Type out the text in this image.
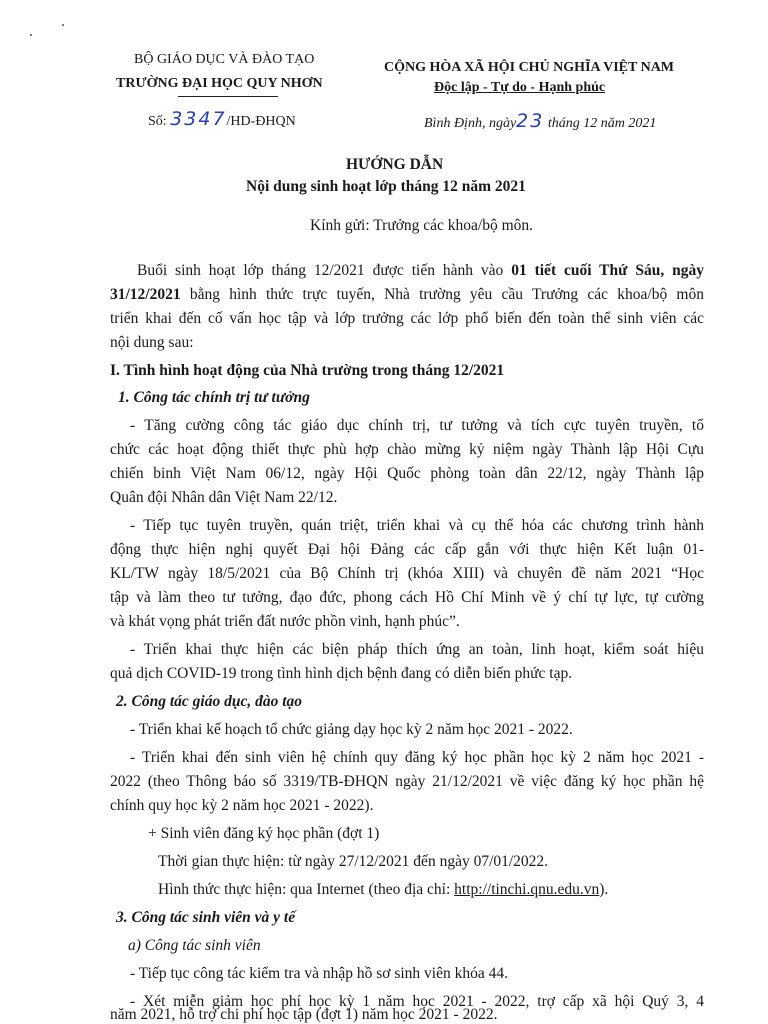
BỘ GIÁO DỤC VÀ ĐÀO TẠO
TRƯỜNG ĐẠI HỌC QUY NHƠN
Số: 3347/HD-ĐHQN
CỘNG HÒA XÃ HỘI CHỦ NGHĨA VIỆT NAM
Độc lập - Tự do - Hạnh phúc
Bình Định, ngày23 tháng 12 năm 2021
HƯỚNG DẪN
Nội dung sinh hoạt lớp tháng 12 năm 2021
Kính gửi: Trưởng các khoa/bộ môn.
Buổi sinh hoạt lớp tháng 12/2021 được tiến hành vào 01 tiết cuối Thứ Sáu, ngày
31/12/2021 bằng hình thức trực tuyến, Nhà trường yêu cầu Trưởng các khoa/bộ môn
triển khai đến cố vấn học tập và lớp trưởng các lớp phổ biến đến toàn thể sinh viên các
nội dung sau:
I. Tình hình hoạt động của Nhà trường trong tháng 12/2021
1. Công tác chính trị tư tưởng
- Tăng cường công tác giáo dục chính trị, tư tưởng và tích cực tuyên truyền, tổ
chức các hoạt động thiết thực phù hợp chào mừng kỷ niệm ngày Thành lập Hội Cựu
chiến binh Việt Nam 06/12, ngày Hội Quốc phòng toàn dân 22/12, ngày Thành lập
Quân đội Nhân dân Việt Nam 22/12.
- Tiếp tục tuyên truyền, quán triệt, triển khai và cụ thể hóa các chương trình hành
động thực hiện nghị quyết Đại hội Đảng các cấp gắn với thực hiện Kết luận 01-
KL/TW ngày 18/5/2021 của Bộ Chính trị (khóa XIII) và chuyên đề năm 2021 “Học
tập và làm theo tư tưởng, đạo đức, phong cách Hồ Chí Minh về ý chí tự lực, tự cường
và khát vọng phát triển đất nước phồn vinh, hạnh phúc”.
- Triển khai thực hiện các biện pháp thích ứng an toàn, linh hoạt, kiểm soát hiệu
quả dịch COVID-19 trong tình hình dịch bệnh đang có diễn biến phức tạp.
2. Công tác giáo dục, đào tạo
- Triển khai kế hoạch tổ chức giảng dạy học kỳ 2 năm học 2021 - 2022.
- Triển khai đến sinh viên hệ chính quy đăng ký học phần học kỳ 2 năm học 2021 -
2022 (theo Thông báo số 3319/TB-ĐHQN ngày 21/12/2021 về việc đăng ký học phần hệ
chính quy học kỳ 2 năm học 2021 - 2022).
+ Sinh viên đăng ký học phần (đợt 1)
Thời gian thực hiện: từ ngày 27/12/2021 đến ngày 07/01/2022.
Hình thức thực hiện: qua Internet (theo địa chỉ: http://tinchi.qnu.edu.vn).
3. Công tác sinh viên và y tế
a) Công tác sinh viên
- Tiếp tục công tác kiểm tra và nhập hồ sơ sinh viên khóa 44.
- Xét miễn giảm học phí học kỳ 1 năm học 2021 - 2022, trợ cấp xã hội Quý 3, 4
năm 2021, hỗ trợ chi phí học tập (đợt 1) năm học 2021 - 2022.
